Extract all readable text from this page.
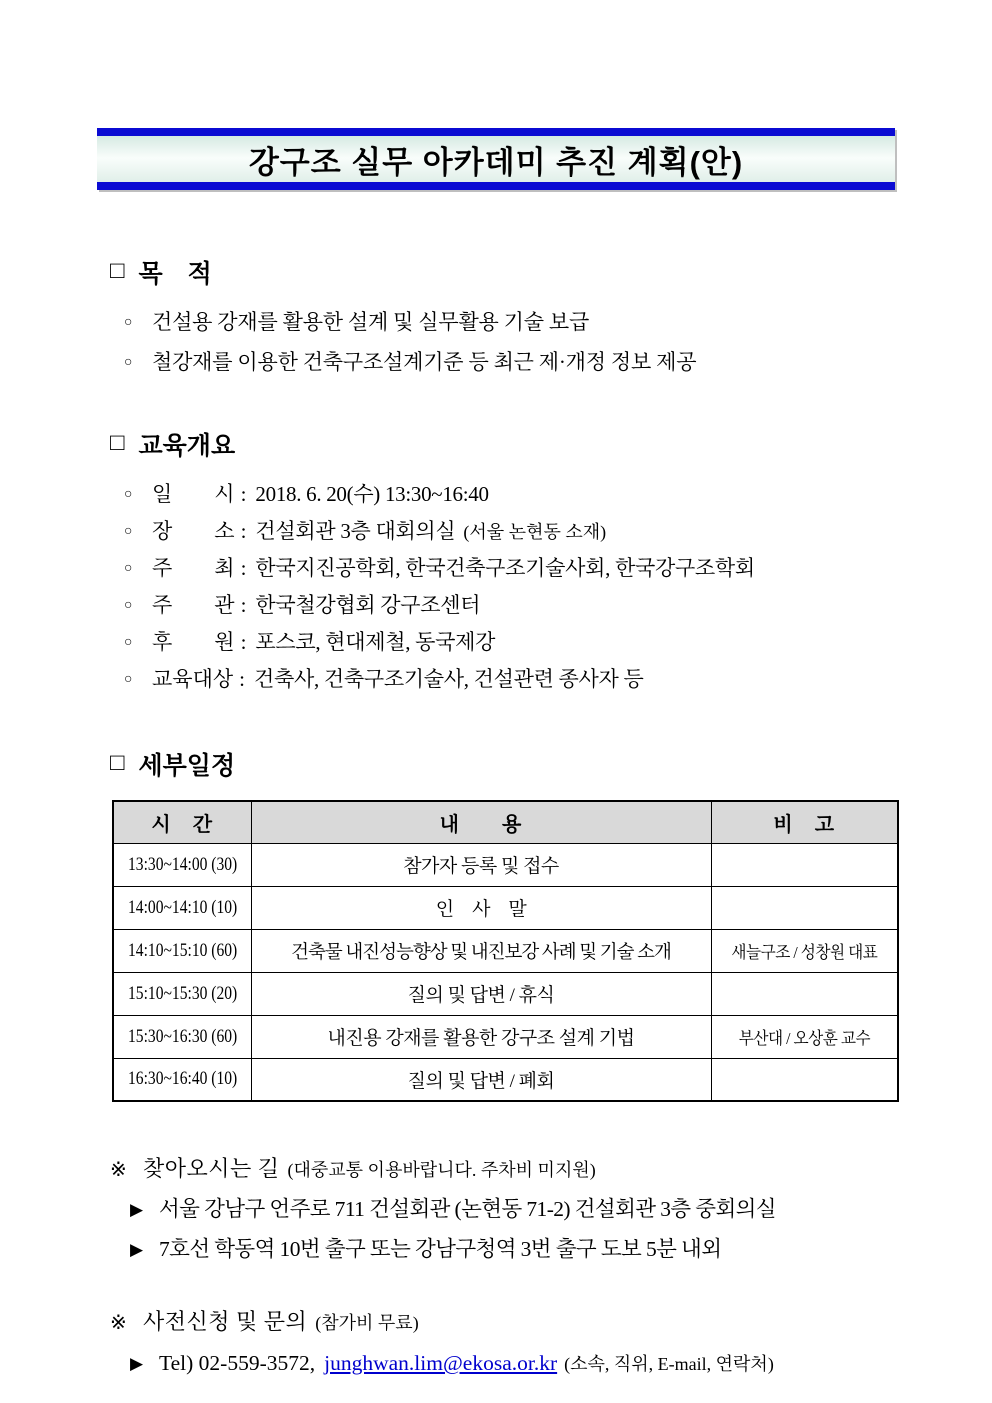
강구조 실무 아카데미 추진 계획(안)
□ 목 적
○ 건설용 강재를 활용한 설계 및 실무활용 기술 보급
○ 철강재를 이용한 건축구조설계기준 등 최근 제·개정 정보 제공
□ 교육개요
○ 일  시 : 2018. 6. 20(수) 13:30~16:40
○ 장  소 : 건설회관 3층 대회의실 (서울 논현동 소재)
○ 주  최 : 한국지진공학회, 한국건축구조기술사회, 한국강구조학회
○ 주  관 : 한국철강협회 강구조센터
○ 후  원 : 포스코, 현대제철, 동국제강
○ 교육대상 : 건축사, 건축구조기술사, 건설관련 종사자 등
□ 세부일정
시 간	내  용	비 고
13:30~14:00 (30)	참가자 등록 및 접수	
14:00~14:10 (10)	인 사 말	
14:10~15:10 (60)	건축물 내진성능향상 및 내진보강 사례 및 기술 소개	새늘구조 / 성창원 대표
15:10~15:30 (20)	질의 및 답변 / 휴식	
15:30~16:30 (60)	내진용 강재를 활용한 강구조 설계 기법	부산대 / 오상훈 교수
16:30~16:40 (10)	질의 및 답변 / 폐회	
※ 찾아오시는 길 (대중교통 이용바랍니다. 주차비 미지원)
▶ 서울 강남구 언주로 711 건설회관 (논현동 71-2) 건설회관 3층 중회의실
▶ 7호선 학동역 10번 출구 또는 강남구청역 3번 출구 도보 5분 내외
※ 사전신청 및 문의 (참가비 무료)
▶ Tel) 02-559-3572, junghwan.lim@ekosa.or.kr (소속, 직위, E-mail, 연락처)
